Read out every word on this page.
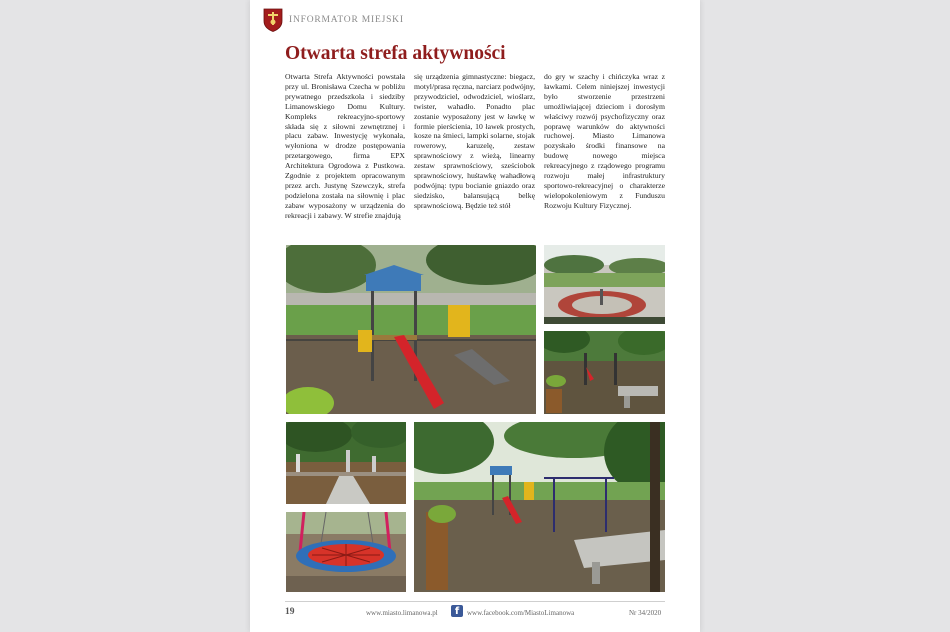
INFORMATOR MIEJSKI
Otwarta strefa aktywności

Otwarta Strefa Aktywności powstała przy ul. Bronisława Czecha w pobliżu prywatnego przedszkola i siedziby Limanowskiego Domu Kultury. Kompleks rekreacyjno-sportowy składa się z siłowni zewnętrznej i placu zabaw. Inwestycję wykonała, wyłoniona w drodze postępowania przetargowego, firma EPX Architektura Ogrodowa z Pustkowa. Zgodnie z projektem opracowanym przez arch. Justynę Szewczyk, strefa podzielona została na siłownię i plac zabaw wyposażony w urządzenia do rekreacji i zabawy. W strefie znajdują

się urządzenia gimnastyczne: biegacz, motyl/prasa ręczna, narciarz podwójny, przywodziciel, odwodziciel, wioślarz, twister, wahadło. Ponadto plac zostanie wyposażony jest w ławkę w formie pierścienia, 10 ławek prostych, kosze na śmieci, lampki solarne, stojak rowerowy, karuzelę, zestaw sprawnościowy z wieżą, linearny zestaw sprawnościowy, sześciobok sprawnościowy, huśtawkę wahadłową podwójną: typu bocianie gniazdo oraz siedzisko, balansującą belkę sprawnościową. Będzie też stół

do gry w szachy i chińczyka wraz z ławkami. Celem niniejszej inwestycji było stworzenie przestrzeni umożliwiającej dzieciom i dorosłym właściwy rozwój psychofizyczny oraz poprawę warunków do aktywności ruchowej. Miasto Limanowa pozyskało środki finansowe na budowę nowego miejsca rekreacyjnego z rządowego programu rozwoju małej infrastruktury sportowo-rekreacyjnej o charakterze wielopokoleniowym z Funduszu Rozwoju Kultury Fizycznej.

19	www.miasto.limanowa.pl	f	www.facebook.com/MiastoLimanowa	Nr 34/2020
